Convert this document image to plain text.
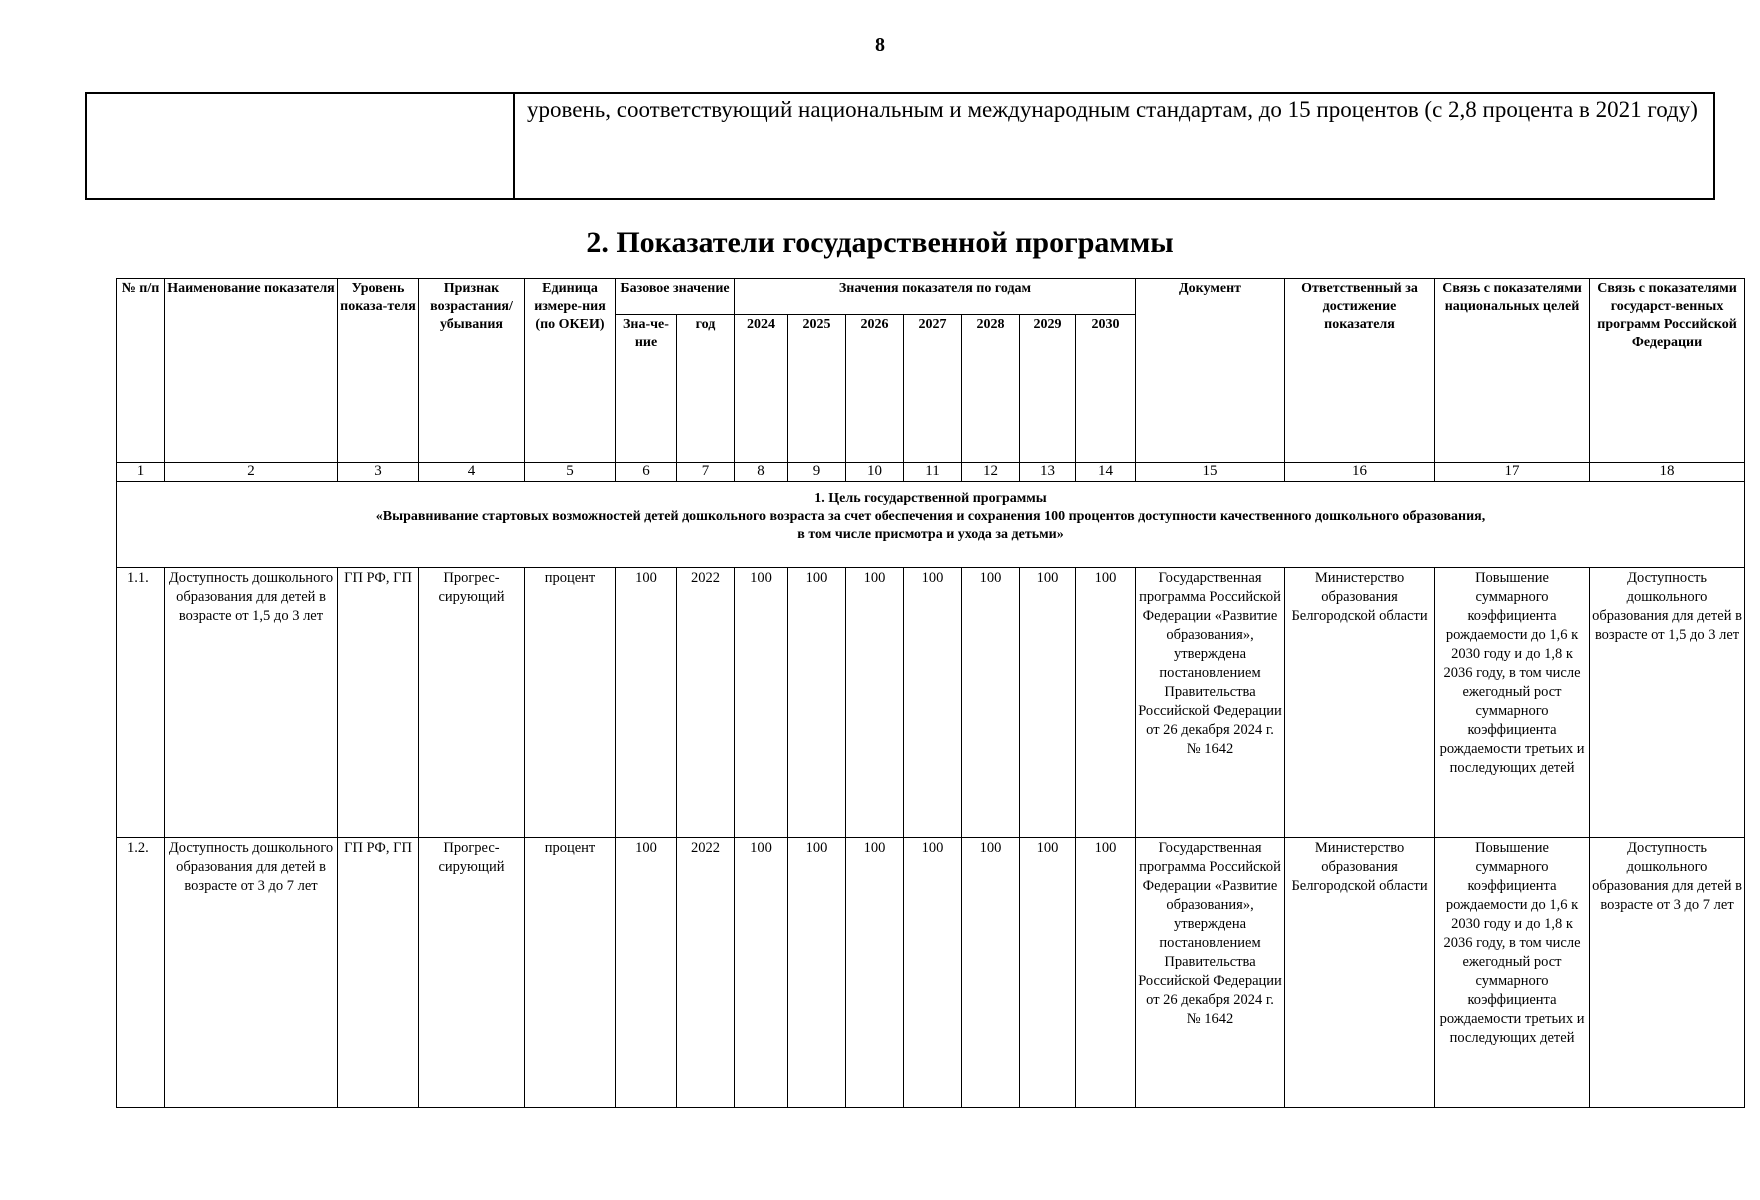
8
	уровень, соответствующий национальным и международным стандартам, до 15 процентов (с 2,8 процента в 2021 году)
2. Показатели государственной программы
№ п/п	Наименование показателя	Уровень показа-теля	Признак возрастания/ убывания	Единица измере-ния (по ОКЕИ)	Базовое значение		Значения показателя по годам							Документ	Ответственный за достижение показателя	Связь с показателями национальных целей	Связь с показателями государст-венных программ Российской Федерации
					Зна-че-ние	год	2024	2025	2026	2027	2028	2029	2030				
1	2	3	4	5	6	7	8	9	10	11	12	13	14	15	16	17	18

1. Цель государственной программы
«Выравнивание стартовых возможностей детей дошкольного возраста за счет обеспечения и сохранения 100 процентов доступности качественного дошкольного образования,
в том числе присмотра и ухода за детьми»																	

1.1.	Доступность дошкольного образования для детей в возрасте от 1,5 до 3 лет	ГП РФ, ГП	Прогрес-сирующий	процент	100	2022	100	100	100	100	100	100	100	Государственная программа Российской Федерации «Развитие образования», утверждена постановлением Правительства Российской Федерации от 26 декабря 2024 г. № 1642	Министерство образования Белгородской области	Повышение суммарного коэффициента рождаемости до 1,6 к 2030 году и до 1,8 к 2036 году, в том числе ежегодный рост суммарного коэффициента рождаемости третьих и последующих детей	Доступность дошкольного образования для детей в возрасте от 1,5 до 3 лет
1.2.	Доступность дошкольного образования для детей в возрасте от 3 до 7 лет	ГП РФ, ГП	Прогрес-сирующий	процент	100	2022	100	100	100	100	100	100	100	Государственная программа Российской Федерации «Развитие образования», утверждена постановлением Правительства Российской Федерации от 26 декабря 2024 г. № 1642	Министерство образования Белгородской области	Повышение суммарного коэффициента рождаемости до 1,6 к 2030 году и до 1,8 к 2036 году, в том числе ежегодный рост суммарного коэффициента рождаемости третьих и последующих детей	Доступность дошкольного образования для детей в возрасте от 3 до 7 лет
